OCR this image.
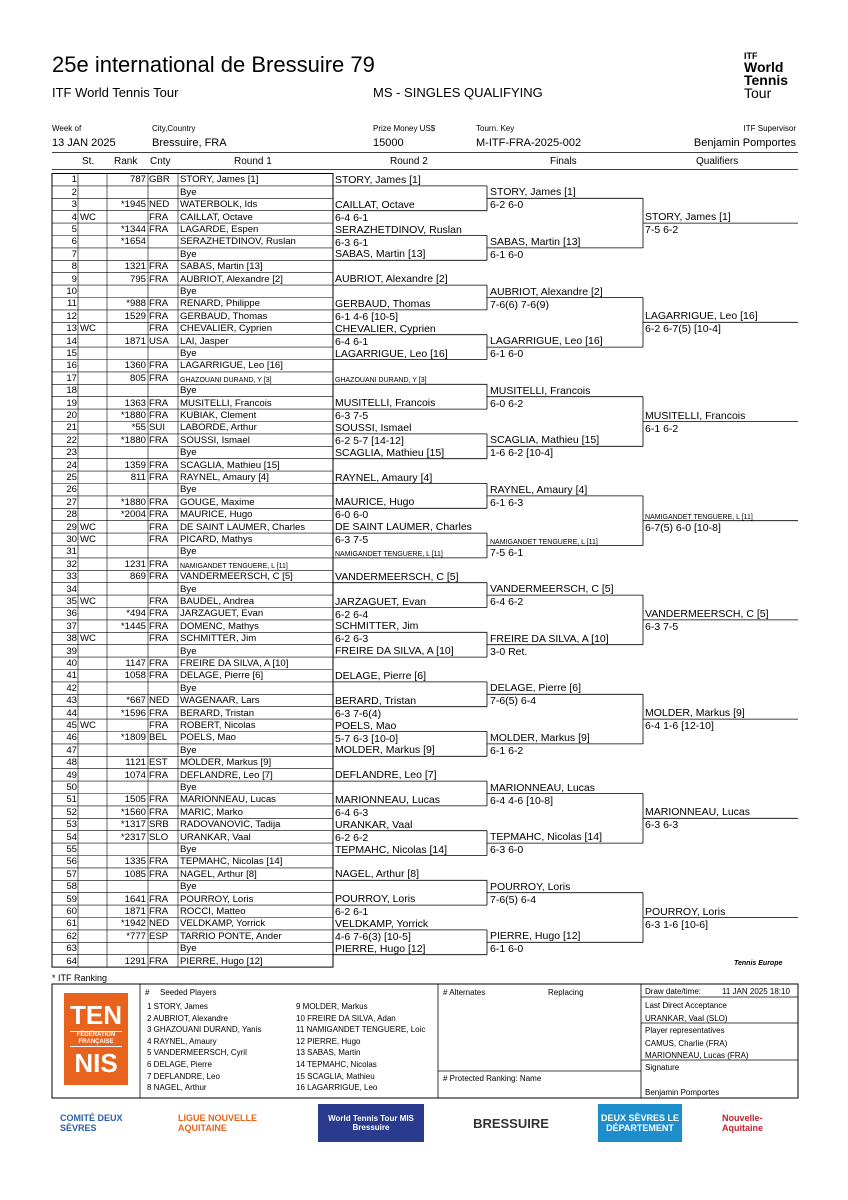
25e international de Bressuire 79
ITF World Tennis Tour	MS - SINGLES QUALIFYING
ITF
World
Tennis
Tour
Week of	City,Country	Prize Money US$	Tourn. Key	ITF Supervisor
13 JAN 2025	Bressuire, FRA	15000	M-ITF-FRA-2025-002	Benjamin Pomportes
St. Rank Cnty	Round 1	Round 2	Finals	Qualifiers
1	787 GBR STORY, James [1]
2	Bye
3	*1945 NED WATERBOLK, Ids
4 WC	FRA CAILLAT, Octave
5	*1344 FRA LAGARDE, Espen
6	*1654	SERAZHETDINOV, Ruslan
7	Bye
8	1321 FRA SABAS, Martin [13]
9	795 FRA AUBRIOT, Alexandre [2]
10	Bye
11	*988 FRA RENARD, Philippe
12	1529 FRA GERBAUD, Thomas
13 WC	FRA CHEVALIER, Cyprien
14	1871 USA LAI, Jasper
15	Bye
16	1360 FRA LAGARRIGUE, Leo [16]
17	805 FRA GHAZOUANI DURAND, Y [3]
18	Bye
19	1363 FRA MUSITELLI, Francois
20	*1880 FRA KUBIAK, Clement
21	*55 SUI LABORDE, Arthur
22	*1880 FRA SOUSSI, Ismael
23	Bye
24	1359 FRA SCAGLIA, Mathieu [15]
25	811 FRA RAYNEL, Amaury [4]
26	Bye
27	*1880 FRA GOUGE, Maxime
28	*2004 FRA MAURICE, Hugo
29 WC	FRA DE SAINT LAUMER, Charles
30 WC	FRA PICARD, Mathys
31	Bye
32	1231 FRA NAMIGANDET TENGUERE, L [11]
33	869 FRA VANDERMEERSCH, C [5]
34	Bye
35 WC	FRA BAUDEL, Andrea
36	*494 FRA JARZAGUET, Evan
37	*1445 FRA DOMENC, Mathys
38 WC	FRA SCHMITTER, Jim
39	Bye
40	1147 FRA FREIRE DA SILVA, A [10]
41	1058 FRA DELAGE, Pierre [6]
42	Bye
43	*667 NED WAGENAAR, Lars
44	*1596 FRA BERARD, Tristan
45 WC	FRA ROBERT, Nicolas
46	*1809 BEL POELS, Mao
47	Bye
48	1121 EST MOLDER, Markus [9]
49	1074 FRA DEFLANDRE, Leo [7]
50	Bye
51	1505 FRA MARIONNEAU, Lucas
52	*1560 FRA MARIC, Marko
53	*1317 SRB RADOVANOVIC, Tadija
54	*2317 SLO URANKAR, Vaal
55	Bye
56	1335 FRA TEPMAHC, Nicolas [14]
57	1085 FRA NAGEL, Arthur [8]
58	Bye
59	1641 FRA POURROY, Loris
60	1871 FRA ROCCI, Matteo
61	*1942 NED VELDKAMP, Yorrick
62	*777 ESP TARRIO PONTE, Ander
63	Bye
64	1291 FRA PIERRE, Hugo [12]
STORY, James [1]
CAILLAT, Octave
6-4 6-1
SERAZHETDINOV, Ruslan
6-3 6-1
SABAS, Martin [13]
AUBRIOT, Alexandre [2]
GERBAUD, Thomas
6-1 4-6 [10-5]
CHEVALIER, Cyprien
6-4 6-1
LAGARRIGUE, Leo [16]
GHAZOUANI DURAND, Y [3]
MUSITELLI, Francois
6-3 7-5
SOUSSI, Ismael
6-2 5-7 [14-12]
SCAGLIA, Mathieu [15]
RAYNEL, Amaury [4]
MAURICE, Hugo
6-0 6-0
DE SAINT LAUMER, Charles
6-3 7-5
NAMIGANDET TENGUERE, L [11]
VANDERMEERSCH, C [5]
JARZAGUET, Evan
6-2 6-4
SCHMITTER, Jim
6-2 6-3
FREIRE DA SILVA, A [10]
DELAGE, Pierre [6]
BERARD, Tristan
6-3 7-6(4)
POELS, Mao
5-7 6-3 [10-0]
MOLDER, Markus [9]
DEFLANDRE, Leo [7]
MARIONNEAU, Lucas
6-4 6-3
URANKAR, Vaal
6-2 6-2
TEPMAHC, Nicolas [14]
NAGEL, Arthur [8]
POURROY, Loris
6-2 6-1
VELDKAMP, Yorrick
4-6 7-6(3) [10-5]
PIERRE, Hugo [12]
STORY, James [1]
6-2 6-0
SABAS, Martin [13]
6-1 6-0
AUBRIOT, Alexandre [2]
7-6(6) 7-6(9)
LAGARRIGUE, Leo [16]
6-1 6-0
MUSITELLI, Francois
6-0 6-2
SCAGLIA, Mathieu [15]
1-6 6-2 [10-4]
RAYNEL, Amaury [4]
6-1 6-3
NAMIGANDET TENGUERE, L [11]
7-5 6-1
VANDERMEERSCH, C [5]
6-4 6-2
FREIRE DA SILVA, A [10]
3-0 Ret.
DELAGE, Pierre [6]
7-6(5) 6-4
MOLDER, Markus [9]
6-1 6-2
MARIONNEAU, Lucas
6-4 4-6 [10-8]
TEPMAHC, Nicolas [14]
6-3 6-0
POURROY, Loris
7-6(5) 6-4
PIERRE, Hugo [12]
6-1 6-0
STORY, James [1]
7-5 6-2
LAGARRIGUE, Leo [16]
6-2 6-7(5) [10-4]
MUSITELLI, Francois
6-1 6-2
NAMIGANDET TENGUERE, L [11]
6-7(5) 6-0 [10-8]
VANDERMEERSCH, C [5]
6-3 7-5
MOLDER, Markus [9]
6-4 1-6 [12-10]
MARIONNEAU, Lucas
6-3 6-3
POURROY, Loris
6-3 1-6 [10-6]
* ITF Ranking
Tennis Europe
TEN
FÉDÉRATION
FRANÇAISE
NIS
# Seeded Players
1 STORY, James
2 AUBRIOT, Alexandre
3 GHAZOUANI DURAND, Yanis
4 RAYNEL, Amaury
5 VANDERMEERSCH, Cyril
6 DELAGE, Pierre
7 DEFLANDRE, Leo
8 NAGEL, Arthur
9 MOLDER, Markus
10 FREIRE DA SILVA, Adan
11 NAMIGANDET TENGUERE, Loic
12 PIERRE, Hugo
13 SABAS, Martin
14 TEPMAHC, Nicolas
15 SCAGLIA, Mathieu
16 LAGARRIGUE, Leo
# Alternates	Replacing
# Protected Ranking: Name
Draw date/time:	11 JAN 2025 18:10
Last Direct Acceptance
URANKAR, Vaal (SLO)
Player representatives
CAMUS, Charlie (FRA)
MARIONNEAU, Lucas (FRA)
Signature
Benjamin Pomportes
COMITÉ DEUX SÈVRES
LIGUE NOUVELLE AQUITAINE
World Tennis Tour MIS Bressuire	BRESSUIRE	DEUX SÈVRES LE DÉPARTEMENT
Nouvelle-Aquitaine
